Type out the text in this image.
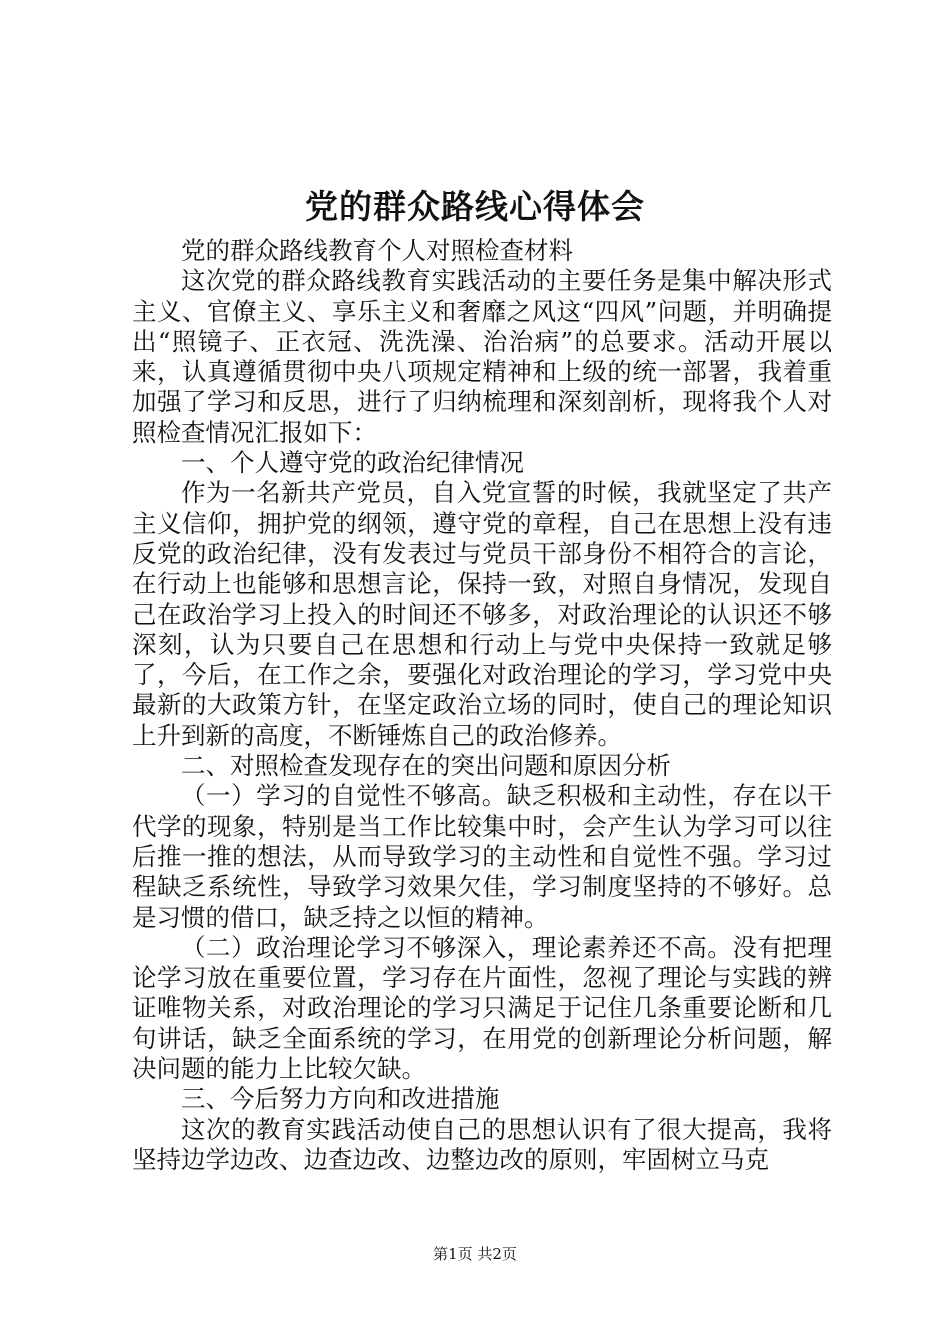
党的群众路线心得体会

党的群众路线教育个人对照检查材料

这次党的群众路线教育实践活动的主要任务是集中解决形式主义、官僚主义、享乐主义和奢靡之风这“四风”问题，并明确提出“照镜子、正衣冠、洗洗澡、治治病”的总要求。活动开展以来，认真遵循贯彻中央八项规定精神和上级的统一部署，我着重加强了学习和反思，进行了归纳梳理和深刻剖析，现将我个人对照检查情况汇报如下：

一、个人遵守党的政治纪律情况

作为一名新共产党员，自入党宣誓的时候，我就坚定了共产主义信仰，拥护党的纲领，遵守党的章程，自己在思想上没有违反党的政治纪律，没有发表过与党员干部身份不相符合的言论，在行动上也能够和思想言论，保持一致，对照自身情况，发现自己在政治学习上投入的时间还不够多，对政治理论的认识还不够深刻，认为只要自己在思想和行动上与党中央保持一致就足够了，今后，在工作之余，要强化对政治理论的学习，学习党中央最新的大政策方针，在坚定政治立场的同时，使自己的理论知识上升到新的高度，不断锤炼自己的政治修养。

二、对照检查发现存在的突出问题和原因分析

（一）学习的自觉性不够高。缺乏积极和主动性，存在以干代学的现象，特别是当工作比较集中时，会产生认为学习可以往后推一推的想法，从而导致学习的主动性和自觉性不强。学习过程缺乏系统性，导致学习效果欠佳，学习制度坚持的不够好。总是习惯的借口，缺乏持之以恒的精神。

（二）政治理论学习不够深入，理论素养还不高。没有把理论学习放在重要位置，学习存在片面性，忽视了理论与实践的辨证唯物关系，对政治理论的学习只满足于记住几条重要论断和几句讲话，缺乏全面系统的学习，在用党的创新理论分析问题，解决问题的能力上比较欠缺。

三、今后努力方向和改进措施

这次的教育实践活动使自己的思想认识有了很大提高，我将坚持边学边改、边查边改、边整边改的原则，牢固树立马克

第1页 共2页
